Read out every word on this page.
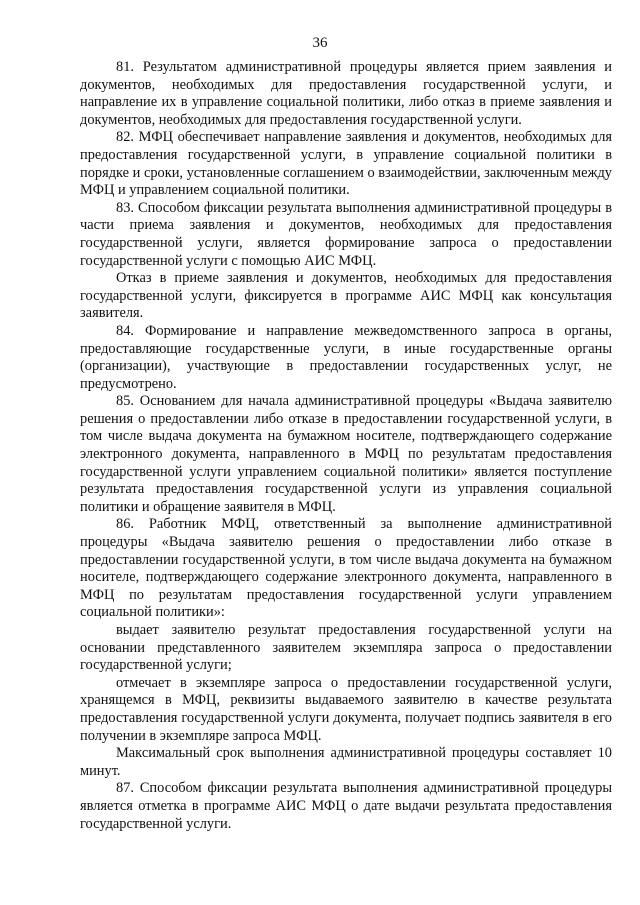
36

81. Результатом административной процедуры является прием заявления и документов, необходимых для предоставления государственной услуги, и направление их в управление социальной политики, либо отказ в приеме заявления и документов, необходимых для предоставления государственной услуги.

82. МФЦ обеспечивает направление заявления и документов, необходимых для предоставления государственной услуги, в управление социальной политики в порядке и сроки, установленные соглашением о взаимодействии, заключенным между МФЦ и управлением социальной политики.

83. Способом фиксации результата выполнения административной процедуры в части приема заявления и документов, необходимых для предоставления государственной услуги, является формирование запроса о предоставлении государственной услуги с помощью АИС МФЦ.

Отказ в приеме заявления и документов, необходимых для предоставления государственной услуги, фиксируется в программе АИС МФЦ как консультация заявителя.

84. Формирование и направление межведомственного запроса в органы, предоставляющие государственные услуги, в иные государственные органы (организации), участвующие в предоставлении государственных услуг, не предусмотрено.

85. Основанием для начала административной процедуры «Выдача заявителю решения о предоставлении либо отказе в предоставлении государственной услуги, в том числе выдача документа на бумажном носителе, подтверждающего содержание электронного документа, направленного в МФЦ по результатам предоставления государственной услуги управлением социальной политики» является поступление результата предоставления государственной услуги из управления социальной политики и обращение заявителя в МФЦ.

86. Работник МФЦ, ответственный за выполнение административной процедуры «Выдача заявителю решения о предоставлении либо отказе в предоставлении государственной услуги, в том числе выдача документа на бумажном носителе, подтверждающего содержание электронного документа, направленного в МФЦ по результатам предоставления государственной услуги управлением социальной политики»:

выдает заявителю результат предоставления государственной услуги на основании представленного заявителем экземпляра запроса о предоставлении государственной услуги;

отмечает в экземпляре запроса о предоставлении государственной услуги, хранящемся в МФЦ, реквизиты выдаваемого заявителю в качестве результата предоставления государственной услуги документа, получает подпись заявителя в его получении в экземпляре запроса МФЦ.

Максимальный срок выполнения административной процедуры составляет 10 минут.

87. Способом фиксации результата выполнения административной процедуры является отметка в программе АИС МФЦ о дате выдачи результата предоставления государственной услуги.
